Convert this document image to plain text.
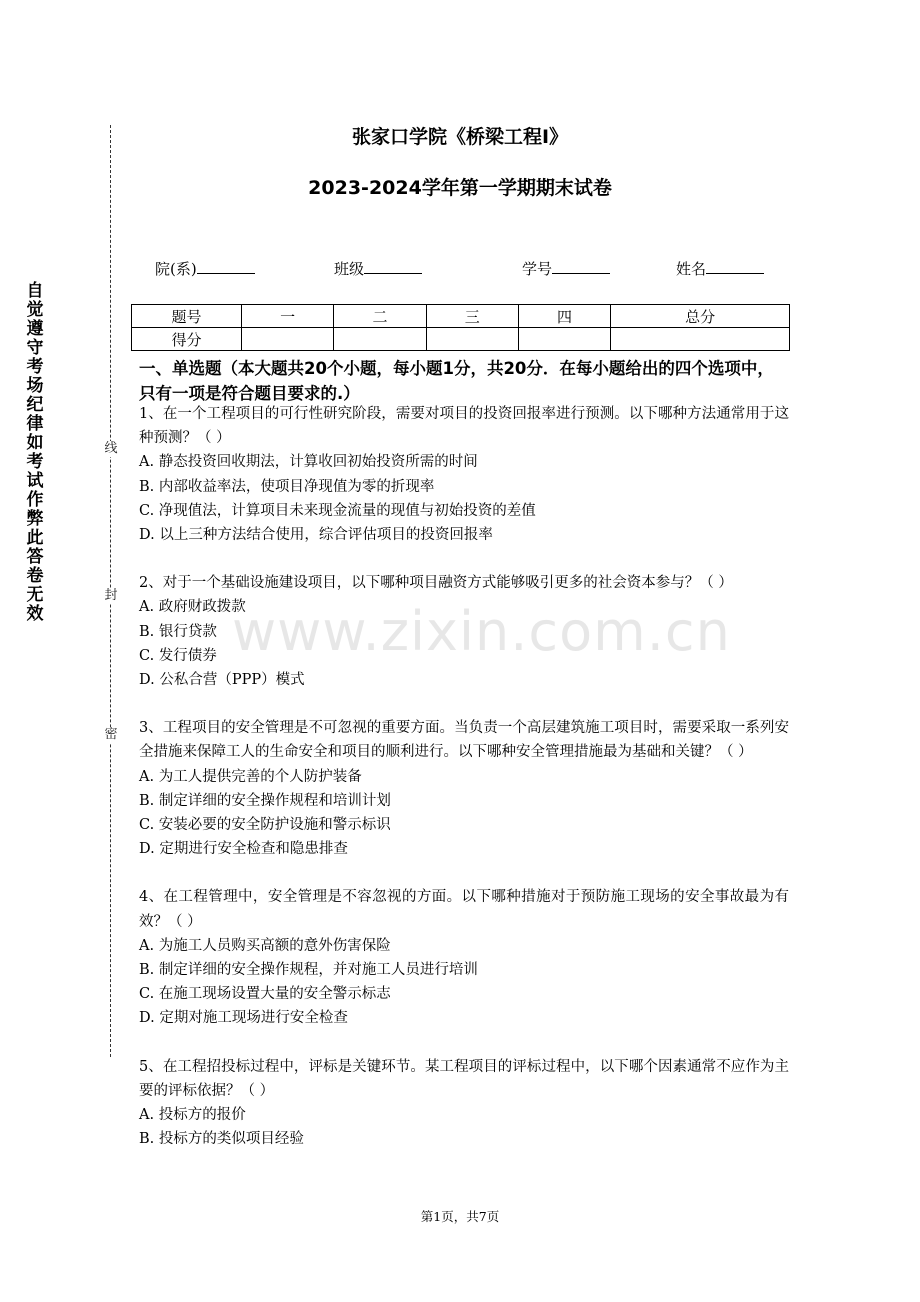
自觉遵守考场纪律如考试作弊此答卷无效
线
封
密
张家口学院《桥梁工程Ⅰ》
2023-2024学年第一学期期末试卷
院(系)	班级	学号	姓名
题号	一	二	三	四	总分
得分					
一、单选题（本大题共20个小题，每小题1分，共20分．在每小题给出的四个选项中，只有一项是符合题目要求的.）
1、在一个工程项目的可行性研究阶段，需要对项目的投资回报率进行预测。以下哪种方法通常用于这种预测？（ ）
A. 静态投资回收期法，计算收回初始投资所需的时间
B. 内部收益率法，使项目净现值为零的折现率
C. 净现值法，计算项目未来现金流量的现值与初始投资的差值
D. 以上三种方法结合使用，综合评估项目的投资回报率
2、对于一个基础设施建设项目，以下哪种项目融资方式能够吸引更多的社会资本参与？（ ）
A. 政府财政拨款
B. 银行贷款
C. 发行债券
D. 公私合营（PPP）模式
3、工程项目的安全管理是不可忽视的重要方面。当负责一个高层建筑施工项目时，需要采取一系列安全措施来保障工人的生命安全和项目的顺利进行。以下哪种安全管理措施最为基础和关键？（ ）
A. 为工人提供完善的个人防护装备
B. 制定详细的安全操作规程和培训计划
C. 安装必要的安全防护设施和警示标识
D. 定期进行安全检查和隐患排查
4、在工程管理中，安全管理是不容忽视的方面。以下哪种措施对于预防施工现场的安全事故最为有效？（ ）
A. 为施工人员购买高额的意外伤害保险
B. 制定详细的安全操作规程，并对施工人员进行培训
C. 在施工现场设置大量的安全警示标志
D. 定期对施工现场进行安全检查
5、在工程招投标过程中，评标是关键环节。某工程项目的评标过程中，以下哪个因素通常不应作为主要的评标依据？（ ）
A. 投标方的报价
B. 投标方的类似项目经验
www.zixin.com.cn
第1页，共7页
